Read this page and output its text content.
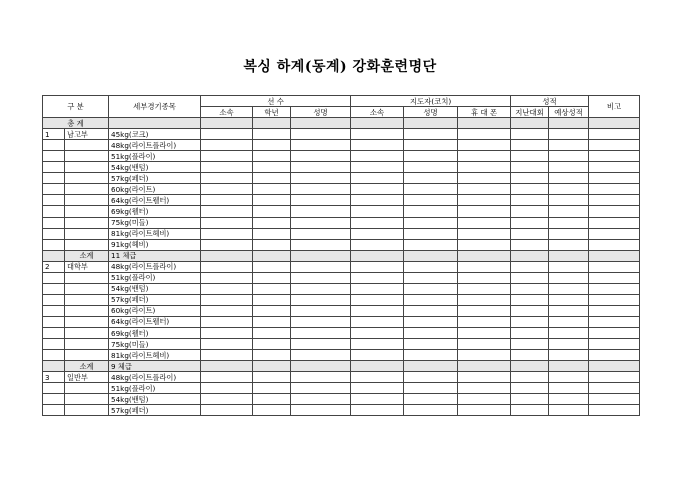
복싱 하계(동계) 강화훈련명단
구 분		세부경기종목	선 수			지도자(코치)			성적		비고
			소속	학년	성명	소속	성명	휴 대 폰	지난대회	예상성적	
총 계											
1	남고부	45kg(코크)									
		48kg(라이트플라이)									
		51kg(플라이)									
		54kg(밴텀)									
		57kg(페더)									
		60kg(라이트)									
		64kg(라이트웰터)									
		69kg(웰터)									
		75kg(미들)									
		81kg(라이트헤비)									
		91kg(헤비)									
	소계	11 체급									
2	대학부	48kg(라이트플라이)									
		51kg(플라이)									
		54kg(밴텀)									
		57kg(페더)									
		60kg(라이트)									
		64kg(라이트웰터)									
		69kg(웰터)									
		75kg(미들)									
		81kg(라이트헤비)									
	소계	9 체급									
3	일반부	48kg(라이트플라이)									
		51kg(플라이)									
		54kg(밴텀)									
		57kg(페더)									
